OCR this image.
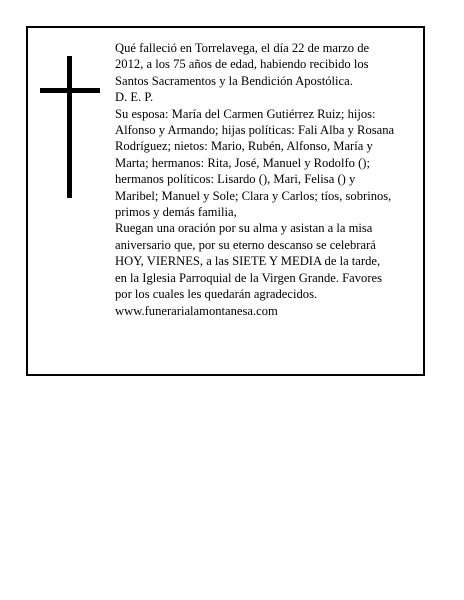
Qué falleció en Torrelavega, el día 22 de marzo de
2012, a los 75 años de edad, habiendo recibido los
Santos Sacramentos y la Bendición Apostólica.
D. E. P.
Su esposa: María del Carmen Gutiérrez Ruiz; hijos:
Alfonso y Armando; hijas políticas: Fali Alba y Rosana
Rodríguez; nietos: Mario, Rubén, Alfonso, María y
Marta; hermanos: Rita, José, Manuel y Rodolfo ();
hermanos políticos: Lisardo (), Mari, Felisa () y
Maribel; Manuel y Sole; Clara y Carlos; tíos, sobrinos,
primos y demás familia,
Ruegan una oración por su alma y asistan a la misa
aniversario que, por su eterno descanso se celebrará
HOY, VIERNES, a las SIETE Y MEDIA de la tarde,
en la Iglesia Parroquial de la Virgen Grande. Favores
por los cuales les quedarán agradecidos.
www.funerarialamontanesa.com
